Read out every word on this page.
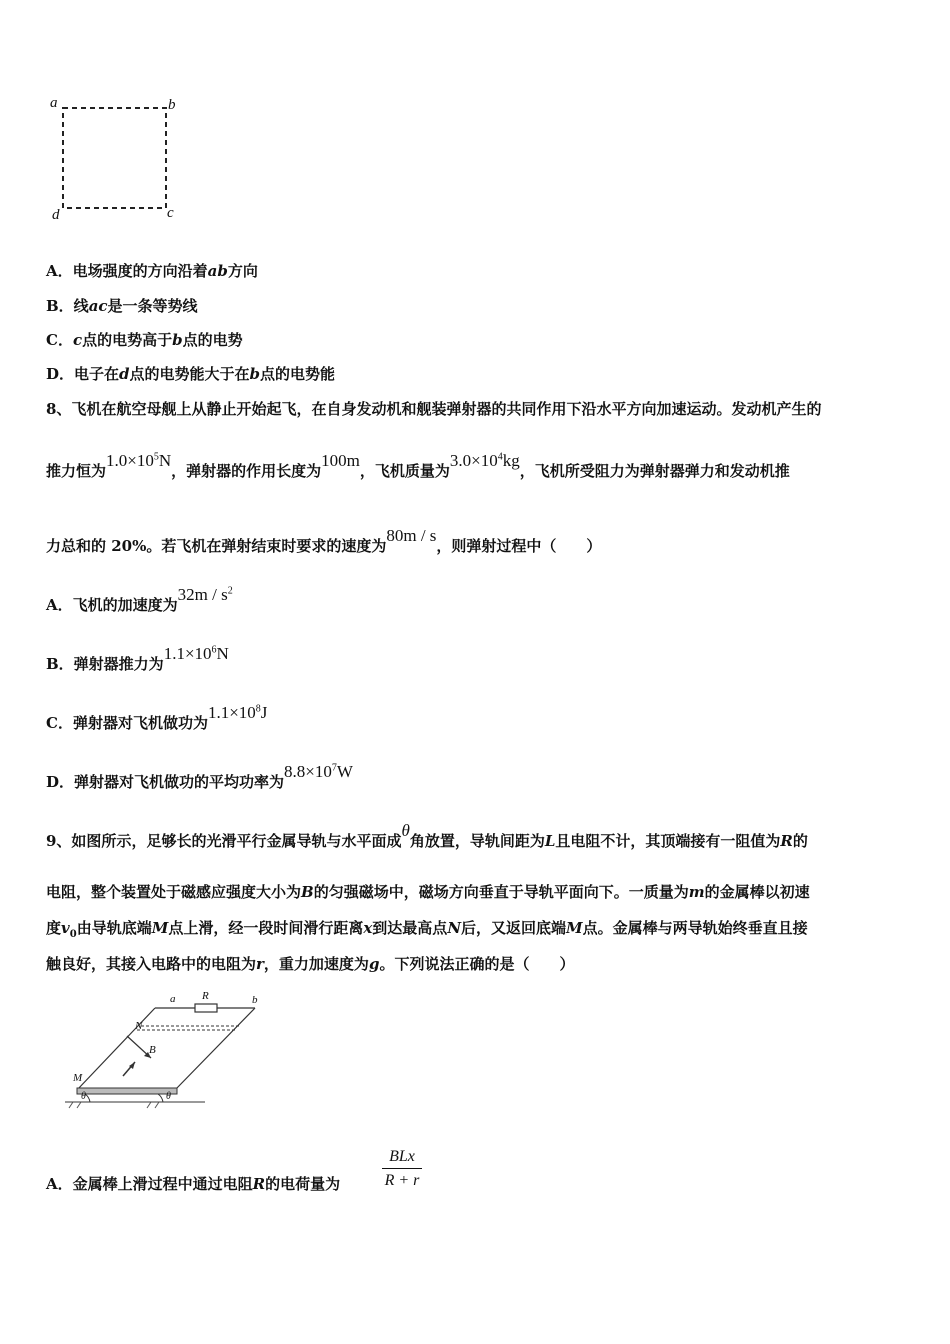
a	b
c
d
A．电场强度的方向沿着ab方向
B．线ac是一条等势线
C．c点的电势高于b点的电势
D．电子在d点的电势能大于在b点的电势能
8、飞机在航空母舰上从静止开始起飞，在自身发动机和舰装弹射器的共同作用下沿水平方向加速运动。发动机产生的
推力恒为$1.0\times 10^5N$，弹射器的作用长度为100m，飞机质量为$3.0\times 10^4kg$，飞机所受阻力为弹射器弹力和发动机推
力总和的 20%。若飞机在弹射结束时要求的速度为80m / s，则弹射过程中（　　）
A．飞机的加速度为$32m / s^2$
B．弹射器推力为$1.1\times 10^6N$
C．弹射器对飞机做功为$1.1\times 10^8J$
D．弹射器对飞机做功的平均功率为$8.8\times 10^7W$
9、如图所示，足够长的光滑平行金属导轨与水平面成θ角放置，导轨间距为L且电阻不计，其顶端接有一阻值为R的
电阻，整个装置处于磁感应强度大小为B的匀强磁场中，磁场方向垂直于导轨平面向下。一质量为m的金属棒以初速
度$v_0$由导轨底端M点上滑，经一段时间滑行距离x到达最高点N后，又返回底端M点。金属棒与两导轨始终垂直且接
触良好，其接入电路中的电阻为r，重力加速度为g。下列说法正确的是（　　）
a R	b
N
B
M
θ	θ
A．金属棒上滑过程中通过电阻R的电荷量为
BLx
R + r
